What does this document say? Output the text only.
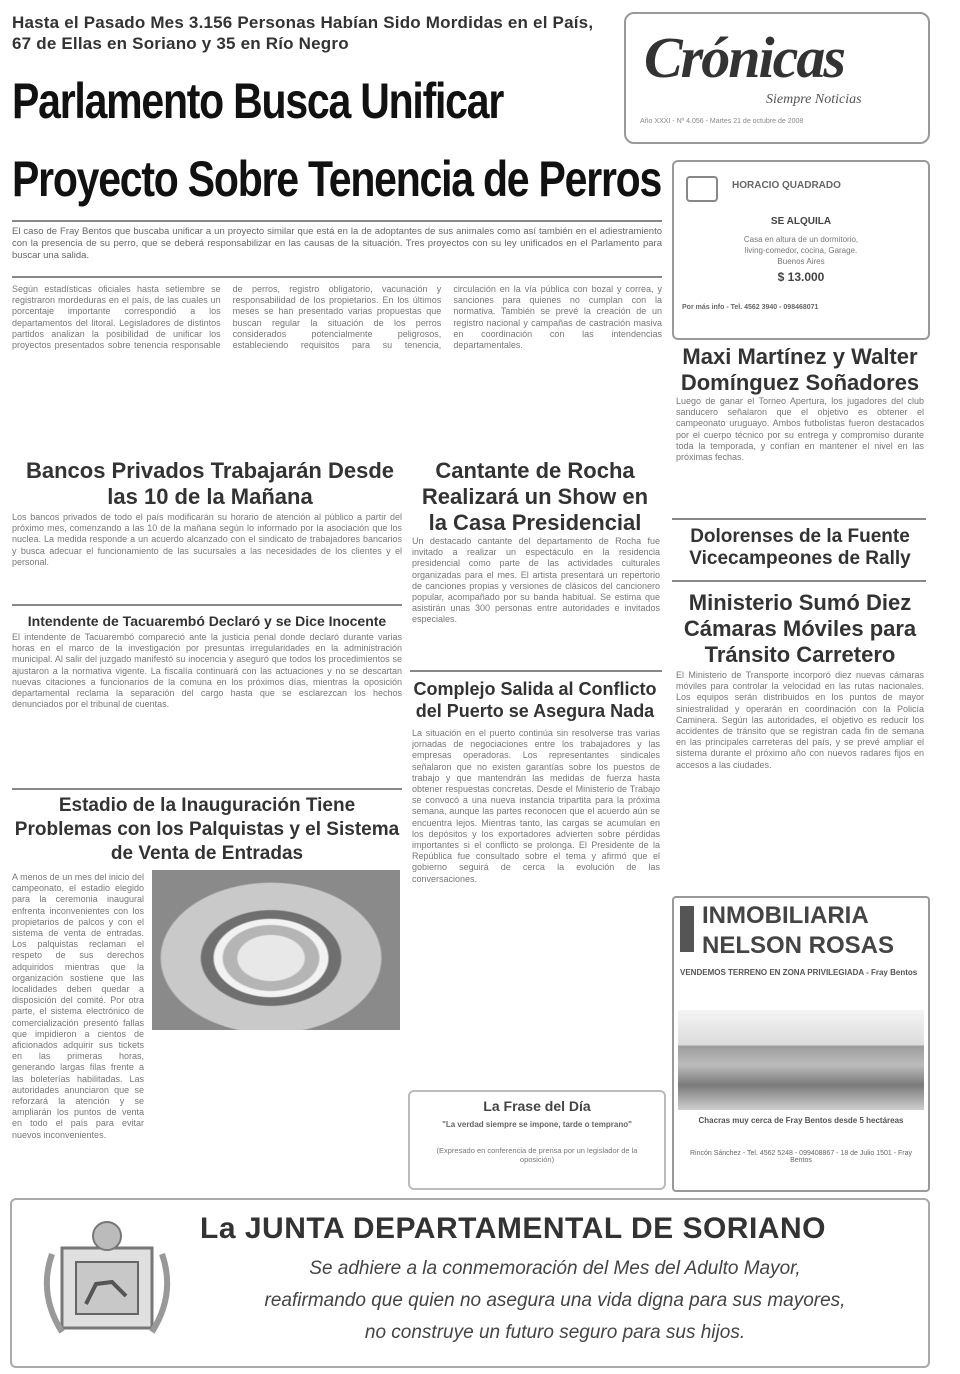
Hasta el Pasado Mes 3.156 Personas Habían Sido Mordidas en el País, 67 de Ellas en Soriano y 35 en Río Negro
Parlamento Busca Unificar
Proyecto Sobre Tenencia de Perros
Crónicas
Siempre Noticias
Año XXXI - Nº 4.056 - Martes 21 de octubre de 2008
El caso de Fray Bentos que buscaba unificar a un proyecto similar que está en la de adoptantes de sus animales como así también en el adiestramiento con la presencia de su perro, que se deberá responsabilizar en las causas de la situación. Tres proyectos con su ley unificados en el Parlamento para buscar una salida.
Según estadísticas oficiales hasta setiembre se registraron mordeduras en el país, de las cuales un porcentaje importante correspondió a los departamentos del litoral. Legisladores de distintos partidos analizan la posibilidad de unificar los proyectos presentados sobre tenencia responsable de perros, registro obligatorio, vacunación y responsabilidad de los propietarios. En los últimos meses se han presentado varias propuestas que buscan regular la situación de los perros considerados potencialmente peligrosos, estableciendo requisitos para su tenencia, circulación en la vía pública con bozal y correa, y sanciones para quienes no cumplan con la normativa. También se prevé la creación de un registro nacional y campañas de castración masiva en coordinación con las intendencias departamentales.
HORACIO QUADRADO
SE ALQUILA
Casa en altura de un dormitorio,
living-comedor, cocina, Garage.
Buenos Aires
$ 13.000
Por más info - Tel. 4562 3940 - 098468071
Maxi Martínez y Walter Domínguez Soñadores
Luego de ganar el Torneo Apertura, los jugadores del club sanducero señalaron que el objetivo es obtener el campeonato uruguayo. Ambos futbolistas fueron destacados por el cuerpo técnico por su entrega y compromiso durante toda la temporada, y confían en mantener el nivel en las próximas fechas.
Dolorenses de la Fuente Vicecampeones de Rally
Ministerio Sumó Diez Cámaras Móviles para Tránsito Carretero
El Ministerio de Transporte incorporó diez nuevas cámaras móviles para controlar la velocidad en las rutas nacionales. Los equipos serán distribuidos en los puntos de mayor siniestralidad y operarán en coordinación con la Policía Caminera. Según las autoridades, el objetivo es reducir los accidentes de tránsito que se registran cada fin de semana en las principales carreteras del país, y se prevé ampliar el sistema durante el próximo año con nuevos radares fijos en accesos a las ciudades.
INMOBILIARIA
NELSON ROSAS
VENDEMOS TERRENO EN ZONA PRIVILEGIADA - Fray Bentos
Chacras muy cerca de Fray Bentos desde 5 hectáreas
Rincón Sánchez - Tel. 4562 5248 - 099408867 - 18 de Julio 1501 - Fray Bentos
Bancos Privados Trabajarán Desde las 10 de la Mañana
Los bancos privados de todo el país modificarán su horario de atención al público a partir del próximo mes, comenzando a las 10 de la mañana según lo informado por la asociación que los nuclea. La medida responde a un acuerdo alcanzado con el sindicato de trabajadores bancarios y busca adecuar el funcionamiento de las sucursales a las necesidades de los clientes y el personal.
Intendente de Tacuarembó Declaró y se Dice Inocente
El intendente de Tacuarembó compareció ante la justicia penal donde declaró durante varias horas en el marco de la investigación por presuntas irregularidades en la administración municipal. Al salir del juzgado manifestó su inocencia y aseguró que todos los procedimientos se ajustaron a la normativa vigente. La fiscalía continuará con las actuaciones y no se descartan nuevas citaciones a funcionarios de la comuna en los próximos días, mientras la oposición departamental reclama la separación del cargo hasta que se esclarezcan los hechos denunciados por el tribunal de cuentas.
Estadio de la Inauguración Tiene Problemas con los Palquistas y el Sistema de Venta de Entradas
A menos de un mes del inicio del campeonato, el estadio elegido para la ceremonia inaugural enfrenta inconvenientes con los propietarios de palcos y con el sistema de venta de entradas. Los palquistas reclaman el respeto de sus derechos adquiridos mientras que la organización sostiene que las localidades deben quedar a disposición del comité. Por otra parte, el sistema electrónico de comercialización presentó fallas que impidieron a cientos de aficionados adquirir sus tickets en las primeras horas, generando largas filas frente a las boleterías habilitadas. Las autoridades anunciaron que se reforzará la atención y se ampliarán los puntos de venta en todo el país para evitar nuevos inconvenientes.
Cantante de Rocha Realizará un Show en la Casa Presidencial
Un destacado cantante del departamento de Rocha fue invitado a realizar un espectáculo en la residencia presidencial como parte de las actividades culturales organizadas para el mes. El artista presentará un repertorio de canciones propias y versiones de clásicos del cancionero popular, acompañado por su banda habitual. Se estima que asistirán unas 300 personas entre autoridades e invitados especiales.
Complejo Salida al Conflicto del Puerto se Asegura Nada
La situación en el puerto continúa sin resolverse tras varias jornadas de negociaciones entre los trabajadores y las empresas operadoras. Los representantes sindicales señalaron que no existen garantías sobre los puestos de trabajo y que mantendrán las medidas de fuerza hasta obtener respuestas concretas. Desde el Ministerio de Trabajo se convocó a una nueva instancia tripartita para la próxima semana, aunque las partes reconocen que el acuerdo aún se encuentra lejos. Mientras tanto, las cargas se acumulan en los depósitos y los exportadores advierten sobre pérdidas importantes si el conflicto se prolonga. El Presidente de la República fue consultado sobre el tema y afirmó que el gobierno seguirá de cerca la evolución de las conversaciones.
La Frase del Día
"La verdad siempre se impone, tarde o temprano"
(Expresado en conferencia de prensa por un legislador de la oposición)
La JUNTA DEPARTAMENTAL DE SORIANO
Se adhiere a la conmemoración del Mes del Adulto Mayor,
reafirmando que quien no asegura una vida digna para sus mayores,
no construye un futuro seguro para sus hijos.
